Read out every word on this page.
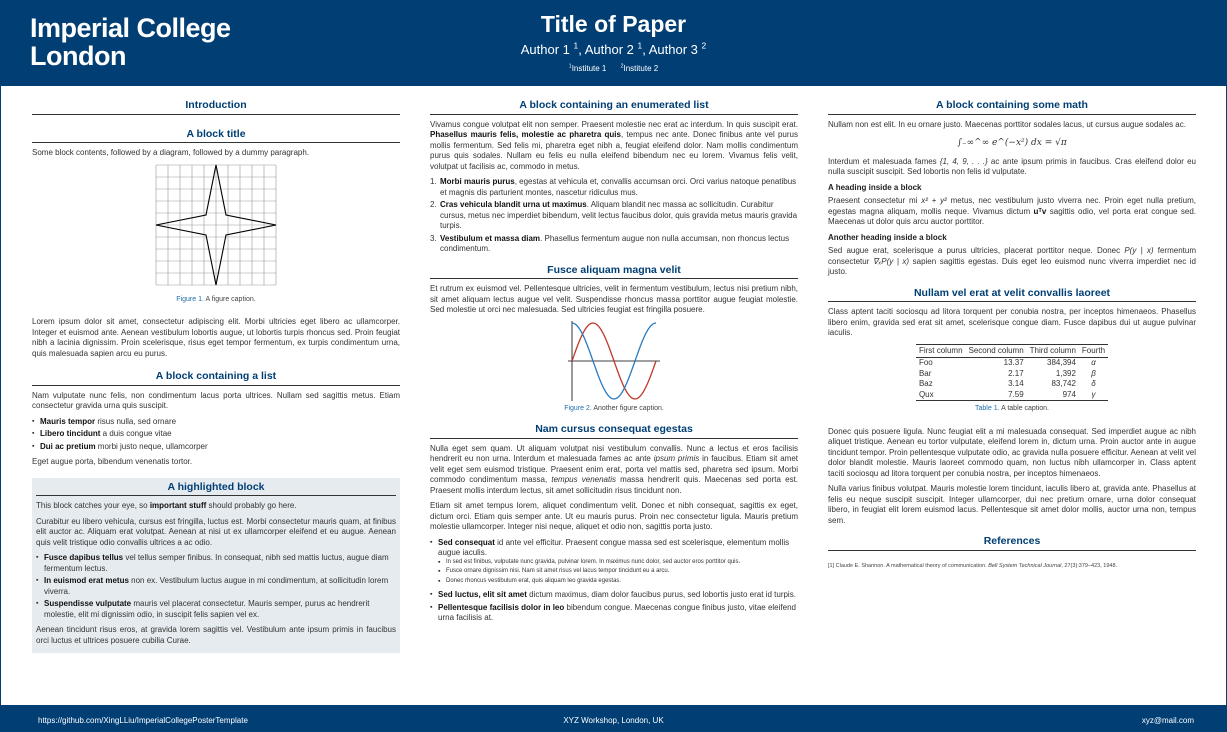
Imperial College
London
Title of Paper
Author 1 $^1$, Author 2 $^1$, Author 3 $^2$
$^1$Institute 1	$^2$Institute 2
Introduction
A block title

Some block contents, followed by a diagram, followed by a dummy paragraph.

Figure 1. A figure caption.

Lorem ipsum dolor sit amet, consectetur adipiscing elit. Morbi ultricies eget libero ac ullamcorper. Integer et euismod ante. Aenean vestibulum lobortis augue, ut lobortis turpis rhoncus sed. Proin feugiat nibh a lacinia dignissim. Proin scelerisque, risus eget tempor fermentum, ex turpis condimentum urna, quis malesuada sapien arcu eu purus.

A block containing a list

Nam vulputate nunc felis, non condimentum lacus porta ultrices. Nullam sed sagittis metus. Etiam consectetur gravida urna quis suscipit.

▪ Mauris tempor risus nulla, sed ornare
▪ Libero tincidunt a duis congue vitae
▪ Dui ac pretium morbi justo neque, ullamcorper

Eget augue porta, bibendum venenatis tortor.

A highlighted block

This block catches your eye, so important stuff should probably go here.

Curabitur eu libero vehicula, cursus est fringilla, luctus est. Morbi consectetur mauris quam, at finibus elit auctor ac. Aliquam erat volutpat. Aenean at nisi ut ex ullamcorper eleifend et eu augue. Aenean quis velit tristique odio convallis ultrices a ac odio.

▪ Fusce dapibus tellus vel tellus semper finibus. In consequat, nibh sed mattis luctus, augue diam fermentum lectus.
▪ In euismod erat metus non ex. Vestibulum luctus augue in mi condimentum, at sollicitudin lorem viverra.
▪ Suspendisse vulputate mauris vel placerat consectetur. Mauris semper, purus ac hendrerit molestie, elit mi dignissim odio, in suscipit felis sapien vel ex.

Aenean tincidunt risus eros, at gravida lorem sagittis vel. Vestibulum ante ipsum primis in faucibus orci luctus et ultrices posuere cubilia Curae.

A block containing an enumerated list

Vivamus congue volutpat elit non semper. Praesent molestie nec erat ac interdum. In quis suscipit erat. Phasellus mauris felis, molestie ac pharetra quis, tempus nec ante. Donec finibus ante vel purus mollis fermentum. Sed felis mi, pharetra eget nibh a, feugiat eleifend dolor. Nam mollis condimentum purus quis sodales. Nullam eu felis eu nulla eleifend bibendum nec eu lorem. Vivamus felis velit, volutpat ut facilisis ac, commodo in metus.

1. Morbi mauris purus, egestas at vehicula et, convallis accumsan orci. Orci varius natoque penatibus et magnis dis parturient montes, nascetur ridiculus mus.
2. Cras vehicula blandit urna ut maximus. Aliquam blandit nec massa ac sollicitudin. Curabitur cursus, metus nec imperdiet bibendum, velit lectus faucibus dolor, quis gravida metus mauris gravida turpis.
3. Vestibulum et massa diam. Phasellus fermentum augue non nulla accumsan, non rhoncus lectus condimentum.
Fusce aliquam magna velit

Et rutrum ex euismod vel. Pellentesque ultricies, velit in fermentum vestibulum, lectus nisi pretium nibh, sit amet aliquam lectus augue vel velit. Suspendisse rhoncus massa porttitor augue feugiat molestie. Sed molestie ut orci nec malesuada. Sed ultricies feugiat est fringilla posuere.

Figure 2. Another figure caption.
Nam cursus consequat egestas

Nulla eget sem quam. Ut aliquam volutpat nisi vestibulum convallis. Nunc a lectus et eros facilisis hendrerit eu non urna. Interdum et malesuada fames ac ante ipsum primis in faucibus. Etiam sit amet velit eget sem euismod tristique. Praesent enim erat, porta vel mattis sed, pharetra sed ipsum. Morbi commodo condimentum massa, tempus venenatis massa hendrerit quis. Maecenas sed porta est. Praesent mollis interdum lectus, sit amet sollicitudin risus tincidunt non.

Etiam sit amet tempus lorem, aliquet condimentum velit. Donec et nibh consequat, sagittis ex eget, dictum orci. Etiam quis semper ante. Ut eu mauris purus. Proin nec consectetur ligula. Mauris pretium molestie ullamcorper. Integer nisi neque, aliquet et odio non, sagittis porta justo.

▪ Sed consequat id ante vel efficitur. Praesent congue massa sed est scelerisque, elementum mollis augue iaculis.
▪ In sed est finibus, vulputate nunc gravida, pulvinar lorem. In maximus nunc dolor, sed auctor eros porttitor quis.
▪ Fusce ornare dignissim nisi. Nam sit amet risus vel lacus tempor tincidunt eu a arcu.
▪ Donec rhoncus vestibulum erat, quis aliquam leo gravida egestas.
▪ Sed luctus, elit sit amet dictum maximus, diam dolor faucibus purus, sed lobortis justo erat id turpis.
▪ Pellentesque facilisis dolor in leo bibendum congue. Maecenas congue finibus justo, vitae eleifend urna facilisis at.
A block containing some math

Nullam non est elit. In eu ornare justo. Maecenas porttitor sodales lacus, ut cursus augue sodales ac.

∫₋∞^∞ e^(−x²) dx = √π

Interdum et malesuada fames {1, 4, 9, . . .} ac ante ipsum primis in faucibus. Cras eleifend dolor eu nulla suscipit suscipit. Sed lobortis non felis id vulputate.

A heading inside a block

Praesent consectetur mi x² + y² metus, nec vestibulum justo viverra nec. Proin eget nulla pretium, egestas magna aliquam, mollis neque. Vivamus dictum uᵀv sagittis odio, vel porta erat congue sed. Maecenas ut dolor quis arcu auctor porttitor.

Another heading inside a block

Sed augue erat, scelerisque a purus ultricies, placerat porttitor neque. Donec P(y | x) fermentum consectetur ∇ₓP(y | x) sapien sagittis egestas. Duis eget leo euismod nunc viverra imperdiet nec id justo.

Nullam vel erat at velit convallis laoreet

Class aptent taciti sociosqu ad litora torquent per conubia nostra, per inceptos himenaeos. Phasellus libero enim, gravida sed erat sit amet, scelerisque congue diam. Fusce dapibus dui ut augue pulvinar iaculis.

First column	Second column	Third column	Fourth
Foo	13.37	384,394	α
Bar	2.17	1,392	β
Baz	3.14	83,742	δ
Qux	7.59	974	γ
Table 1. A table caption.

Donec quis posuere ligula. Nunc feugiat elit a mi malesuada consequat. Sed imperdiet augue ac nibh aliquet tristique. Aenean eu tortor vulputate, eleifend lorem in, dictum urna. Proin auctor ante in augue tincidunt tempor. Proin pellentesque vulputate odio, ac gravida nulla posuere efficitur. Aenean at velit vel dolor blandit molestie. Mauris laoreet commodo quam, non luctus nibh ullamcorper in. Class aptent taciti sociosqu ad litora torquent per conubia nostra, per inceptos himenaeos.

Nulla varius finibus volutpat. Mauris molestie lorem tincidunt, iaculis libero at, gravida ante. Phasellus at felis eu neque suscipit suscipit. Integer ullamcorper, dui nec pretium ornare, urna dolor consequat libero, in feugiat elit lorem euismod lacus. Pellentesque sit amet dolor mollis, auctor urna non, tempus sem.

References
[1] Claude E. Shannon. A mathematical theory of communication. Bell System Technical Journal, 27(3):379–423, 1948.
https://github.com/XingLLiu/ImperialCollegePosterTemplate	XYZ Workshop, London, UK	xyz@mail.com
